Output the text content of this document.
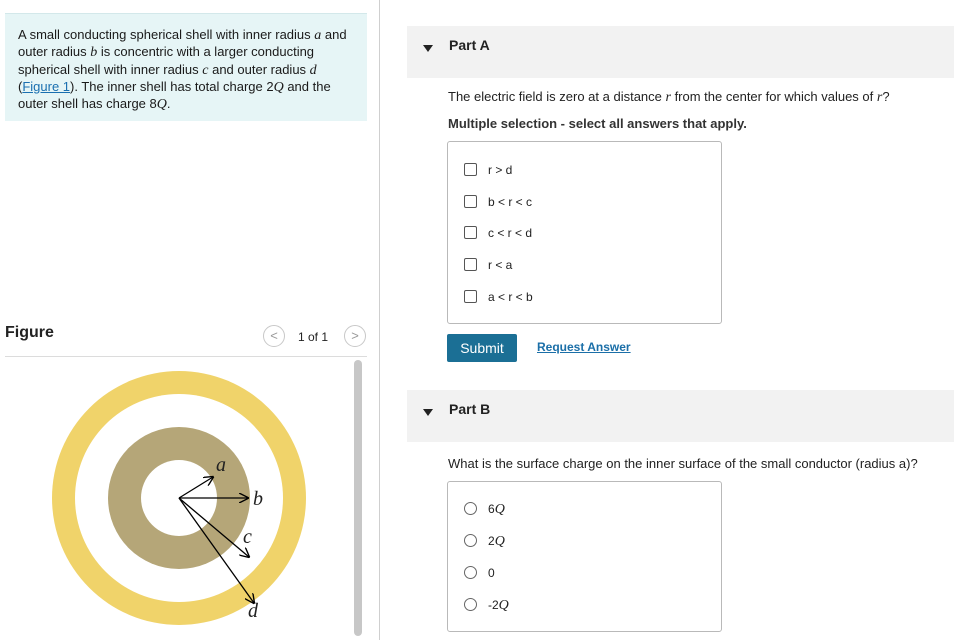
A small conducting spherical shell with inner radius a and outer radius b is concentric with a larger conducting spherical shell with inner radius c and outer radius d (Figure 1). The inner shell has total charge 2Q and the outer shell has charge 8Q.
Figure	<	1 of 1	>
a
b
c
d
Part A
The electric field is zero at a distance r from the center for which values of r?
Multiple selection - select all answers that apply.
r > d
b < r < c
c < r < d
r < a
a < r < b
Submit	Request Answer
Part B
What is the surface charge on the inner surface of the small conductor (radius a)?
6Q
2Q
0
-2Q
